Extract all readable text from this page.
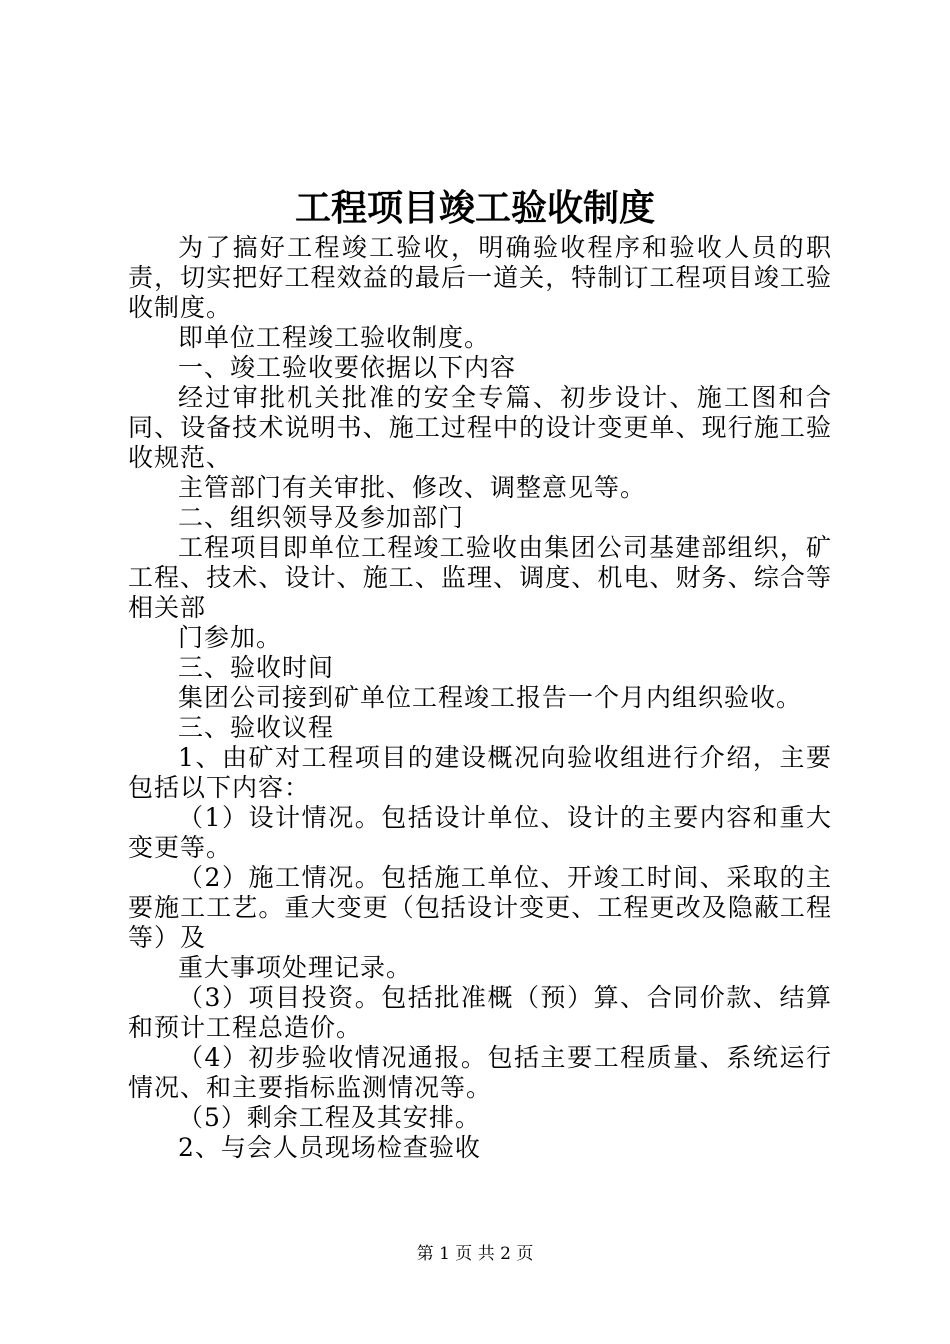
工程项目竣工验收制度

为了搞好工程竣工验收，明确验收程序和验收人员的职责，切实把好工程效益的最后一道关，特制订工程项目竣工验收制度。

即单位工程竣工验收制度。

一、竣工验收要依据以下内容

经过审批机关批准的安全专篇、初步设计、施工图和合同、设备技术说明书、施工过程中的设计变更单、现行施工验收规范、

主管部门有关审批、修改、调整意见等。

二、组织领导及参加部门

工程项目即单位工程竣工验收由集团公司基建部组织，矿工程、技术、设计、施工、监理、调度、机电、财务、综合等相关部

门参加。

三、验收时间

集团公司接到矿单位工程竣工报告一个月内组织验收。

三、验收议程

1、由矿对工程项目的建设概况向验收组进行介绍，主要包括以下内容：

（1）设计情况。包括设计单位、设计的主要内容和重大变更等。

（2）施工情况。包括施工单位、开竣工时间、采取的主要施工工艺。重大变更（包括设计变更、工程更改及隐蔽工程等）及

重大事项处理记录。

（3）项目投资。包括批准概（预）算、合同价款、结算和预计工程总造价。

（4）初步验收情况通报。包括主要工程质量、系统运行情况、和主要指标监测情况等。

（5）剩余工程及其安排。

2、与会人员现场检查验收

第 1 页 共 2 页
